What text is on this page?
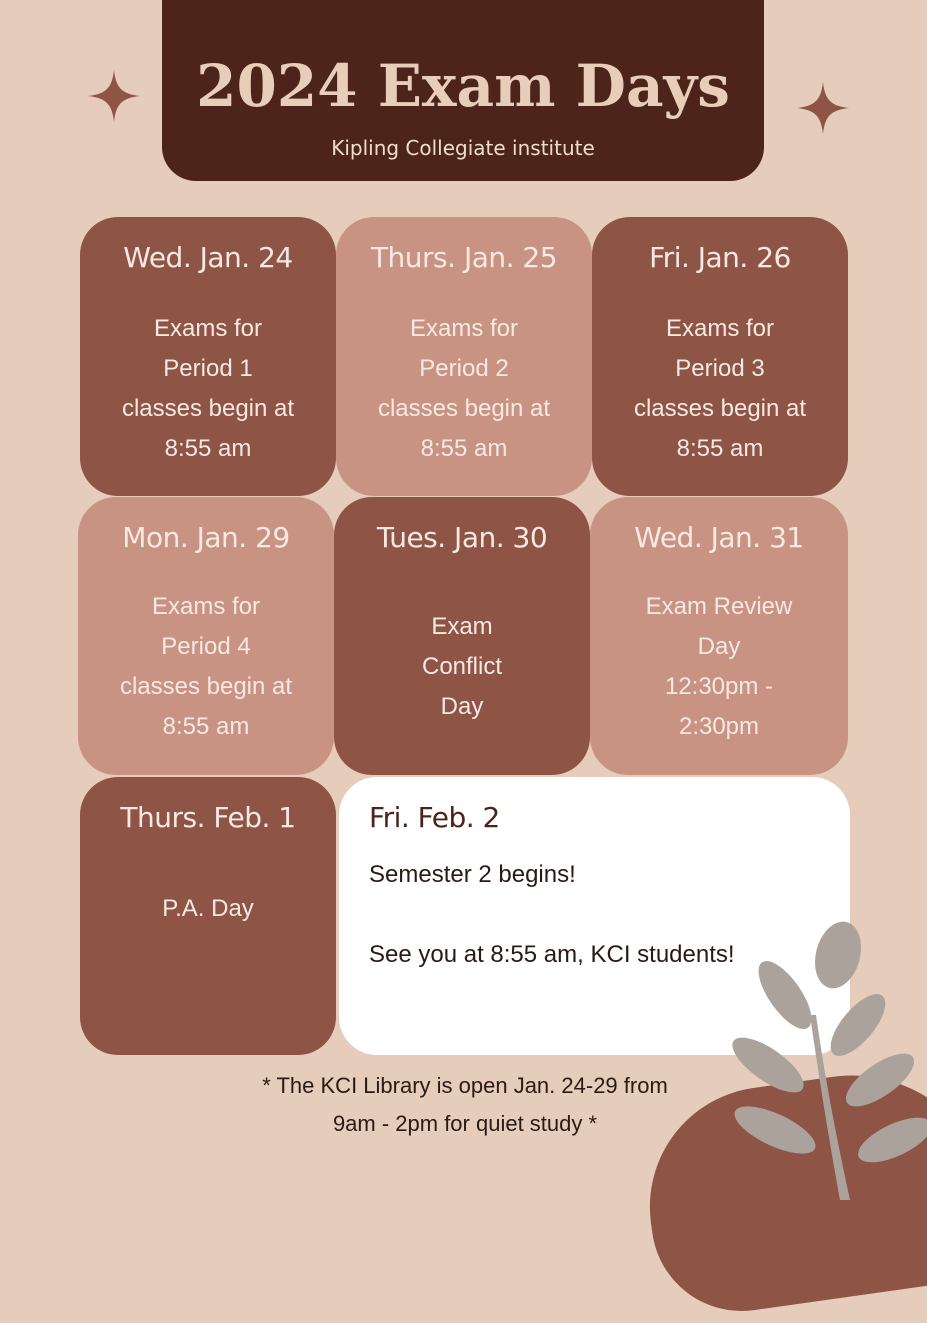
2024 Exam Days
Kipling Collegiate institute
Wed. Jan. 24
Exams for
Period 1
classes begin at
8:55 am
Thurs. Jan. 25
Exams for
Period 2
classes begin at
8:55 am
Fri. Jan. 26
Exams for
Period 3
classes begin at
8:55 am
Mon. Jan. 29
Exams for
Period 4
classes begin at
8:55 am
Tues. Jan. 30
Exam
Conflict
Day
Wed. Jan. 31
Exam Review
Day
12:30pm -
2:30pm
Thurs. Feb. 1
P.A. Day
Fri. Feb. 2
Semester 2 begins!
See you at 8:55 am, KCI students!
* The KCI Library is open Jan. 24-29 from
9am - 2pm for quiet study *
